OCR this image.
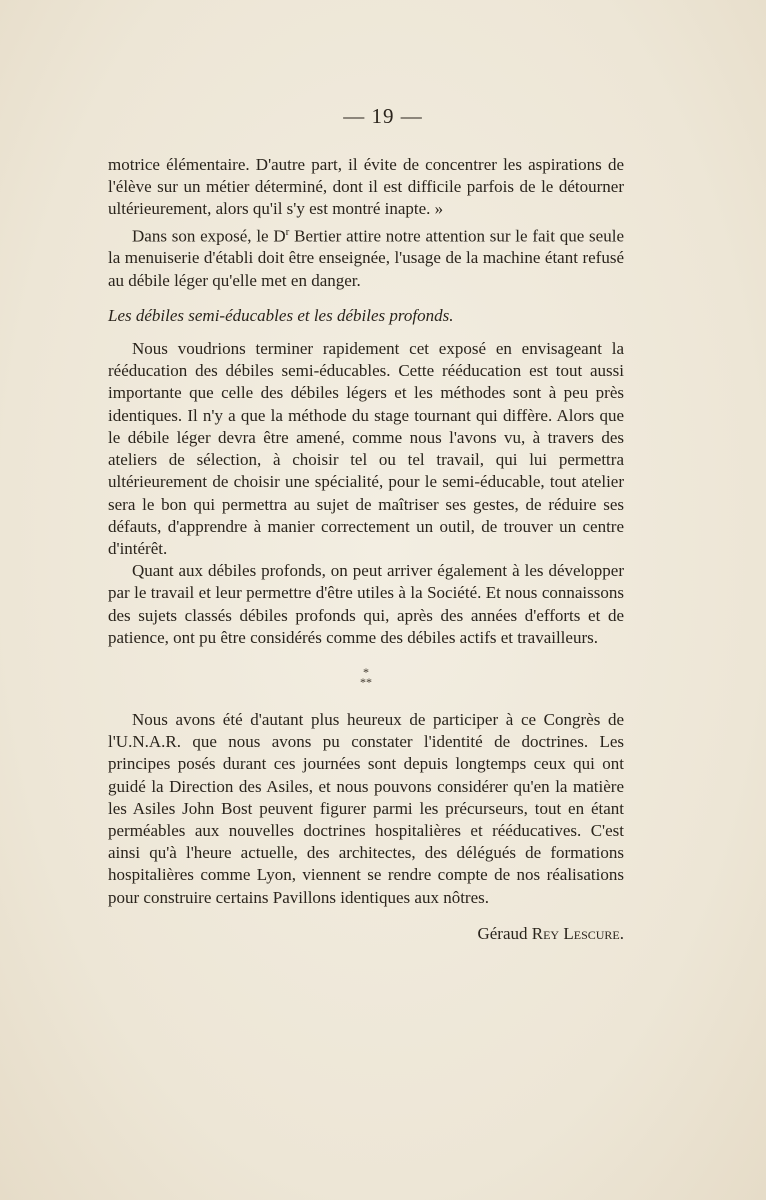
— 19 —

motrice élémentaire. D'autre part, il évite de concentrer les aspirations de l'élève sur un métier déterminé, dont il est difficile parfois de le détourner ultérieurement, alors qu'il s'y est montré inapte. »

Dans son exposé, le $D^r$ Bertier attire notre attention sur le fait que seule la menuiserie d'établi doit être enseignée, l'usage de la machine étant refusé au débile léger qu'elle met en danger.

Les débiles semi-éducables et les débiles profonds.

Nous voudrions terminer rapidement cet exposé en envisageant la rééducation des débiles semi-éducables. Cette rééducation est tout aussi importante que celle des débiles légers et les méthodes sont à peu près identiques. Il n'y a que la méthode du stage tournant qui diffère. Alors que le débile léger devra être amené, comme nous l'avons vu, à travers des ateliers de sélection, à choisir tel ou tel travail, qui lui permettra ultérieurement de choisir une spécialité, pour le semi-éducable, tout atelier sera le bon qui permettra au sujet de maîtriser ses gestes, de réduire ses défauts, d'apprendre à manier correctement un outil, de trouver un centre d'intérêt.

Quant aux débiles profonds, on peut arriver également à les développer par le travail et leur permettre d'être utiles à la Société. Et nous connaissons des sujets classés débiles profonds qui, après des années d'efforts et de patience, ont pu être considérés comme des débiles actifs et travailleurs.

*
**

Nous avons été d'autant plus heureux de participer à ce Congrès de l'U.N.A.R. que nous avons pu constater l'identité de doctrines. Les principes posés durant ces journées sont depuis longtemps ceux qui ont guidé la Direction des Asiles, et nous pouvons considérer qu'en la matière les Asiles John Bost peuvent figurer parmi les précurseurs, tout en étant perméables aux nouvelles doctrines hospitalières et rééducatives. C'est ainsi qu'à l'heure actuelle, des architectes, des délégués de formations hospitalières comme Lyon, viennent se rendre compte de nos réalisations pour construire certains Pavillons identiques aux nôtres.

Géraud Rey Lescure.
